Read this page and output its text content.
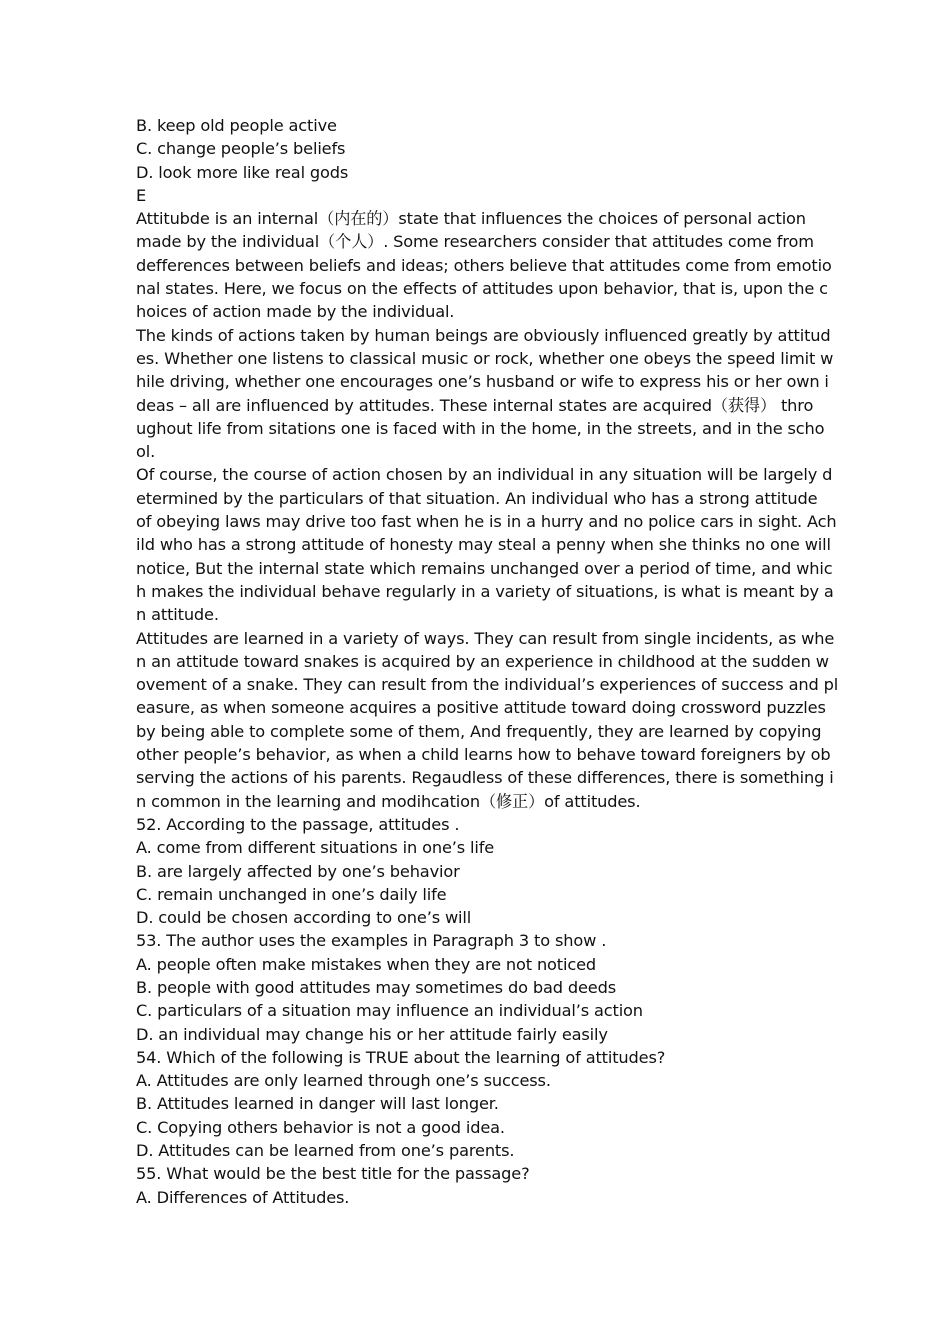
B. keep old people active
C. change people’s beliefs
D. look more like real gods
E
Attitubde is an internal（内在的）state that influences the choices of personal action
made by the individual（个人）. Some researchers consider that attitudes come from
defferences between beliefs and ideas; others believe that attitudes come from emotio
nal states. Here, we focus on the effects of attitudes upon behavior, that is, upon the c
hoices of action made by the individual.
The kinds of actions taken by human beings are obviously influenced greatly by attitud
es. Whether one listens to classical music or rock, whether one obeys the speed limit w
hile driving, whether one encourages one’s husband or wife to express his or her own i
deas – all are influenced by attitudes. These internal states are acquired（获得） thro
ughout life from sitations one is faced with in the home, in the streets, and in the scho
ol.
Of course, the course of action chosen by an individual in any situation will be largely d
etermined by the particulars of that situation. An individual who has a strong attitude
of obeying laws may drive too fast when he is in a hurry and no police cars in sight. Ach
ild who has a strong attitude of honesty may steal a penny when she thinks no one will
notice, But the internal state which remains unchanged over a period of time, and whic
h makes the individual behave regularly in a variety of situations, is what is meant by a
n attitude.
Attitudes are learned in a variety of ways. They can result from single incidents, as whe
n an attitude toward snakes is acquired by an experience in childhood at the sudden w
ovement of a snake. They can result from the individual’s experiences of success and pl
easure, as when someone acquires a positive attitude toward doing crossword puzzles
by being able to complete some of them, And frequently, they are learned by copying
other people’s behavior, as when a child learns how to behave toward foreigners by ob
serving the actions of his parents. Regaudless of these differences, there is something i
n common in the learning and modihcation（修正）of attitudes.
52. According to the passage, attitudes .
A. come from different situations in one’s life
B. are largely affected by one’s behavior
C. remain unchanged in one’s daily life
D. could be chosen according to one’s will
53. The author uses the examples in Paragraph 3 to show .
A. people often make mistakes when they are not noticed
B. people with good attitudes may sometimes do bad deeds
C. particulars of a situation may influence an individual’s action
D. an individual may change his or her attitude fairly easily
54. Which of the following is TRUE about the learning of attitudes?
A. Attitudes are only learned through one’s success.
B. Attitudes learned in danger will last longer.
C. Copying others behavior is not a good idea.
D. Attitudes can be learned from one’s parents.
55. What would be the best title for the passage?
A. Differences of Attitudes.
